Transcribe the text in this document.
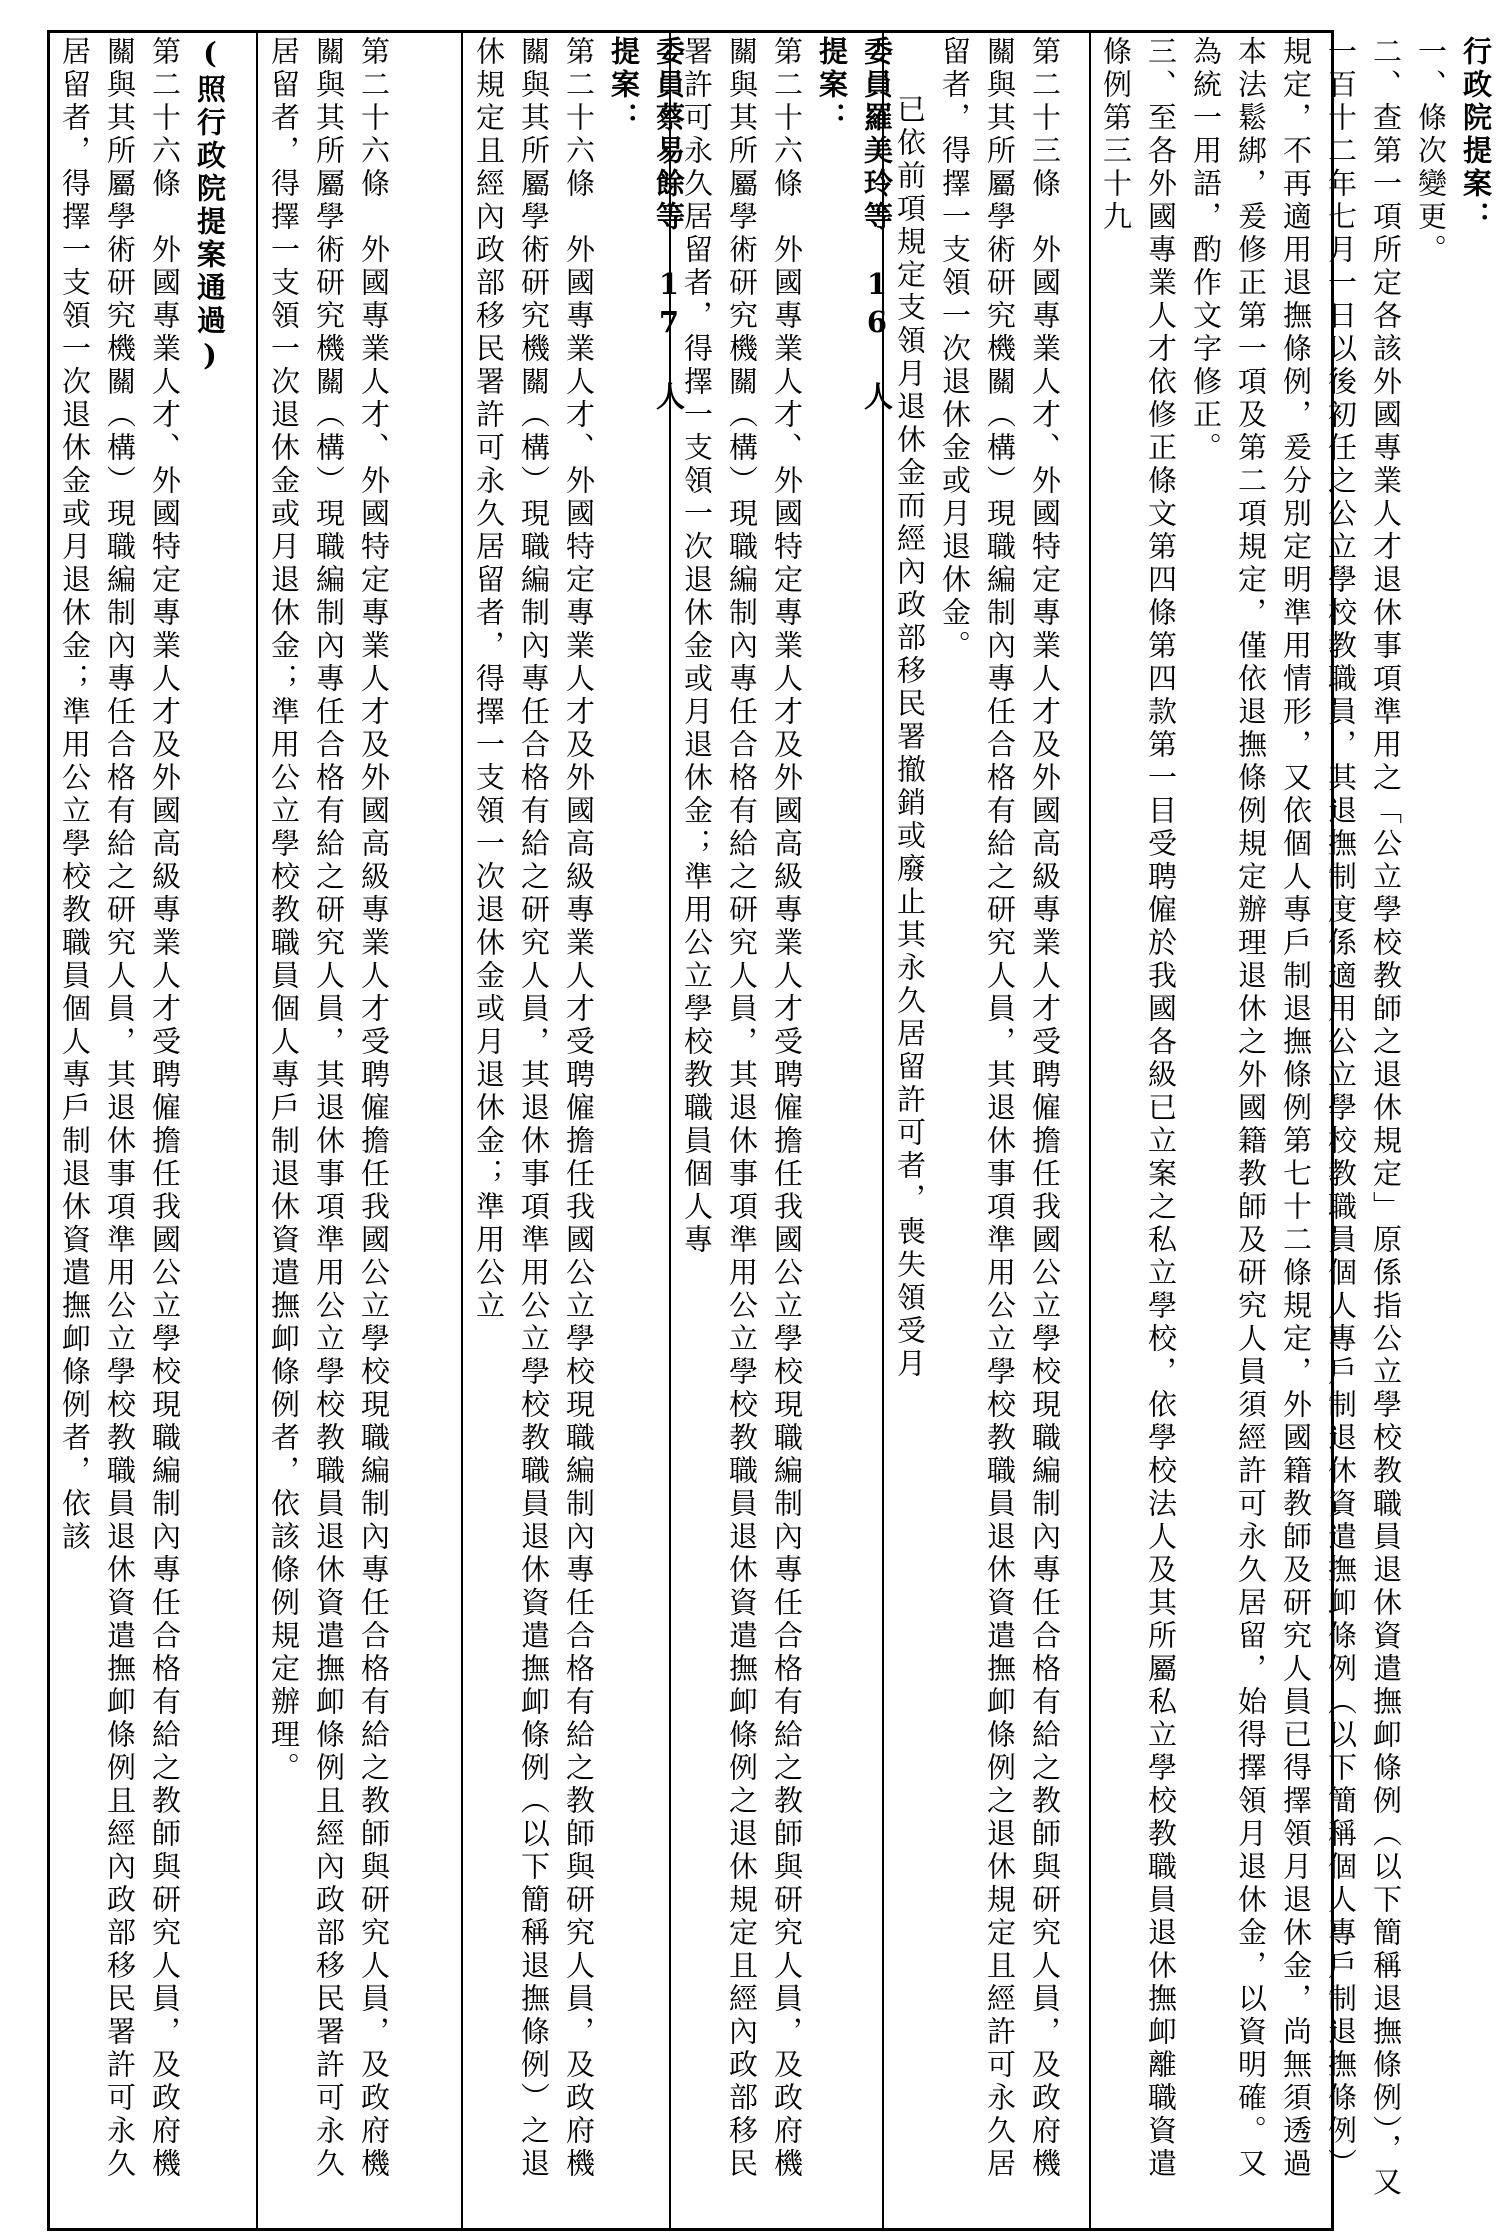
行政院提案：

一、條次變更。

二、查第一項所定各該外國專業人才退休事項準用之「公立學校教師之退休規定」原係指公立學校教職員退休資遣撫卹條例（以下簡稱退撫條例），又一百十二年七月一日以後初任之公立學校教職員，其退撫制度係適用公立學校教職員個人專戶制退休資遣撫卹條例（以下簡稱個人專戶制退撫條例）規定，不再適用退撫條例，爰分別定明準用情形，又依個人專戶制退撫條例第七十二條規定，外國籍教師及研究人員已得擇領月退休金，尚無須透過本法鬆綁，爰修正第一項及第二項規定，僅依退撫條例規定辦理退休之外國籍教師及研究人員須經許可永久居留，始得擇領月退休金，以資明確。又為統一用語，酌作文字修正。

三、至各外國專業人才依修正條文第四條第四款第一目受聘僱於我國各級已立案之私立學校，依學校法人及其所屬私立學校教職員退休撫卹離職資遣條例第三十九

第二十三條　外國專業人才、外國特定專業人才及外國高級專業人才受聘僱擔任我國公立學校現職編制內專任合格有給之教師與研究人員，及政府機關與其所屬學術研究機關（構）現職編制內專任合格有給之研究人員，其退休事項準用公立學校教職員退休資遣撫卹條例之退休規定且經許可永久居留者，得擇一支領一次退休金或月退休金。

已依前項規定支領月退休金而經內政部移民署撤銷或廢止其永久居留許可者，喪失領受月

委員羅美玲等　16 人

提案：

第二十六條　外國專業人才、外國特定專業人才及外國高級專業人才受聘僱擔任我國公立學校現職編制內專任合格有給之教師與研究人員，及政府機關與其所屬學術研究機關（構）現職編制內專任合格有給之研究人員，其退休事項準用公立學校教職員退休資遣撫卹條例之退休規定且經內政部移民署許可永久居留者，得擇一支領一次退休金或月退休金；準用公立學校教職員個人專

委員蔡易餘等　17 人

提案：

第二十六條　外國專業人才、外國特定專業人才及外國高級專業人才受聘僱擔任我國公立學校現職編制內專任合格有給之教師與研究人員，及政府機關與其所屬學術研究機關（構）現職編制內專任合格有給之研究人員，其退休事項準用公立學校教職員退休資遣撫卹條例（以下簡稱退撫條例）之退休規定且經內政部移民署許可永久居留者，得擇一支領一次退休金或月退休金；準用公立

第二十六條　外國專業人才、外國特定專業人才及外國高級專業人才受聘僱擔任我國公立學校現職編制內專任合格有給之教師與研究人員，及政府機關與其所屬學術研究機關（構）現職編制內專任合格有給之研究人員，其退休事項準用公立學校教職員退休資遣撫卹條例且經內政部移民署許可永久居留者，得擇一支領一次退休金或月退休金；準用公立學校教職員個人專戶制退休資遣撫卹條例者，依該條例規定辦理。

(照行政院提案通過)

第二十六條　外國專業人才、外國特定專業人才及外國高級專業人才受聘僱擔任我國公立學校現職編制內專任合格有給之教師與研究人員，及政府機關與其所屬學術研究機關（構）現職編制內專任合格有給之研究人員，其退休事項準用公立學校教職員退休資遣撫卹條例且經內政部移民署許可永久居留者，得擇一支領一次退休金或月退休金；準用公立學校教職員個人專戶制退休資遣撫卹條例者，依該
